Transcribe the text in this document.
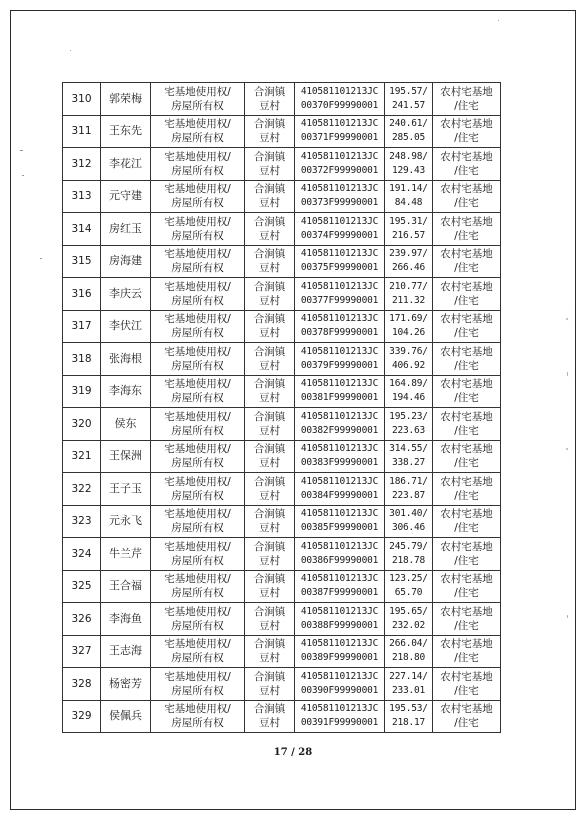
310	郭荣梅	宅基地使用权/
房屋所有权	合涧镇
豆村	410581101213JC
00370F99990001	195.57/
241.57	农村宅基地
/住宅

311	王东先	宅基地使用权/
房屋所有权	合涧镇
豆村	410581101213JC
00371F99990001	240.61/
285.05	农村宅基地
/住宅

312	李花江	宅基地使用权/
房屋所有权	合涧镇
豆村	410581101213JC
00372F99990001	248.98/
129.43	农村宅基地
/住宅

313	元守建	宅基地使用权/
房屋所有权	合涧镇
豆村	410581101213JC
00373F99990001	191.14/
84.48	农村宅基地
/住宅

314	房红玉	宅基地使用权/
房屋所有权	合涧镇
豆村	410581101213JC
00374F99990001	195.31/
216.57	农村宅基地
/住宅

315	房海建	宅基地使用权/
房屋所有权	合涧镇
豆村	410581101213JC
00375F99990001	239.97/
266.46	农村宅基地
/住宅

316	李庆云	宅基地使用权/
房屋所有权	合涧镇
豆村	410581101213JC
00377F99990001	210.77/
211.32	农村宅基地
/住宅

317	李伏江	宅基地使用权/
房屋所有权	合涧镇
豆村	410581101213JC
00378F99990001	171.69/
104.26	农村宅基地
/住宅

318	张海根	宅基地使用权/
房屋所有权	合涧镇
豆村	410581101213JC
00379F99990001	339.76/
406.92	农村宅基地
/住宅

319	李海东	宅基地使用权/
房屋所有权	合涧镇
豆村	410581101213JC
00381F99990001	164.89/
194.46	农村宅基地
/住宅

320	侯东	宅基地使用权/
房屋所有权	合涧镇
豆村	410581101213JC
00382F99990001	195.23/
223.63	农村宅基地
/住宅

321	王保洲	宅基地使用权/
房屋所有权	合涧镇
豆村	410581101213JC
00383F99990001	314.55/
338.27	农村宅基地
/住宅

322	王子玉	宅基地使用权/
房屋所有权	合涧镇
豆村	410581101213JC
00384F99990001	186.71/
223.87	农村宅基地
/住宅

323	元永飞	宅基地使用权/
房屋所有权	合涧镇
豆村	410581101213JC
00385F99990001	301.40/
306.46	农村宅基地
/住宅

324	牛兰芹	宅基地使用权/
房屋所有权	合涧镇
豆村	410581101213JC
00386F99990001	245.79/
218.78	农村宅基地
/住宅

325	王合福	宅基地使用权/
房屋所有权	合涧镇
豆村	410581101213JC
00387F99990001	123.25/
65.70	农村宅基地
/住宅

326	李海鱼	宅基地使用权/
房屋所有权	合涧镇
豆村	410581101213JC
00388F99990001	195.65/
232.02	农村宅基地
/住宅

327	王志海	宅基地使用权/
房屋所有权	合涧镇
豆村	410581101213JC
00389F99990001	266.04/
218.80	农村宅基地
/住宅

328	杨密芳	宅基地使用权/
房屋所有权	合涧镇
豆村	410581101213JC
00390F99990001	227.14/
233.01	农村宅基地
/住宅

329	侯佩兵	宅基地使用权/
房屋所有权	合涧镇
豆村	410581101213JC
00391F99990001	195.53/
218.17	农村宅基地
/住宅
17 / 28
